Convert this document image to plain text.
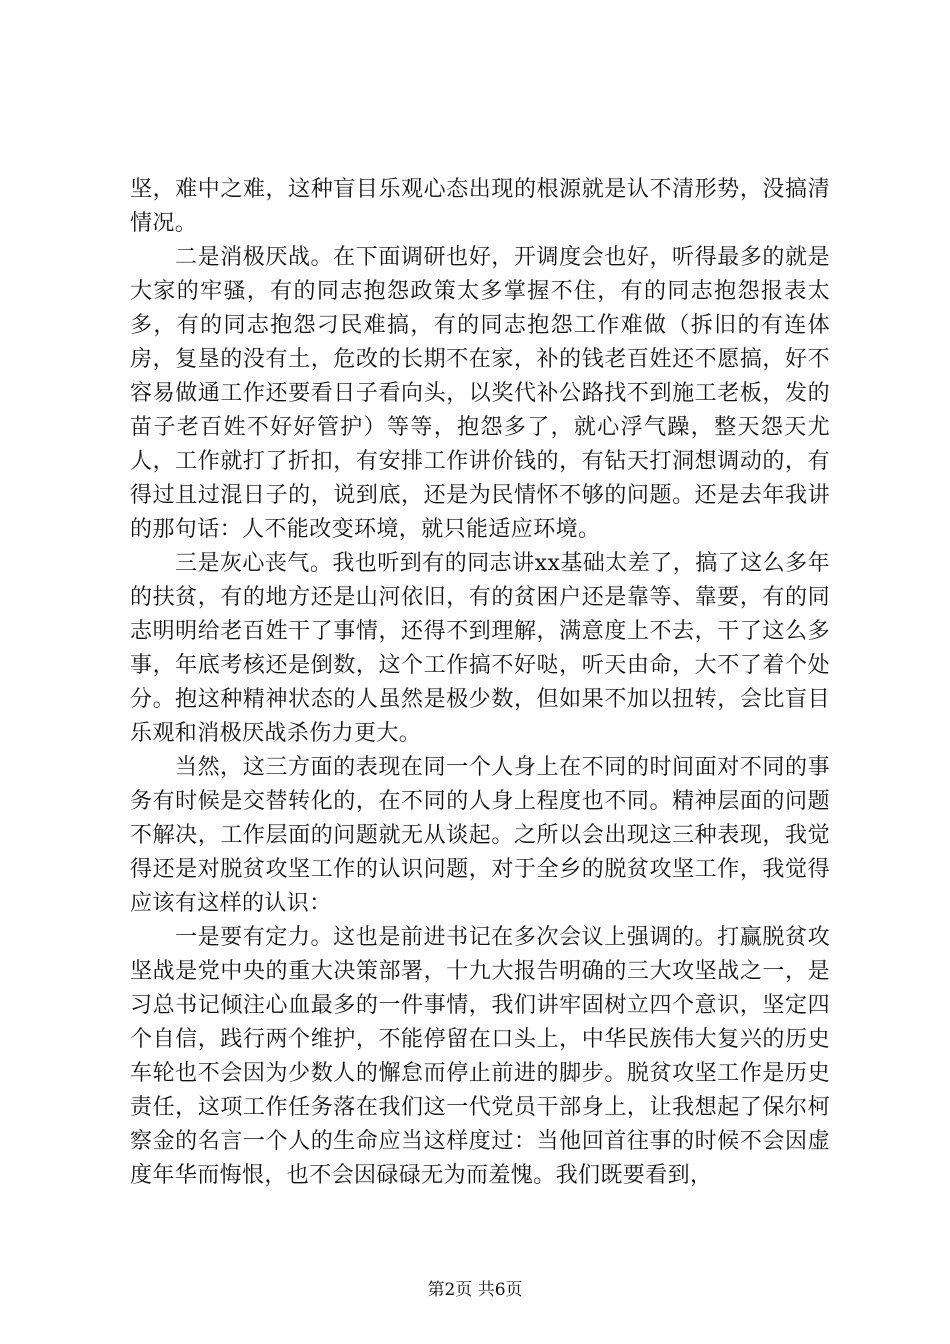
坚，难中之难，这种盲目乐观心态出现的根源就是认不清形势，没搞清情况。

二是消极厌战。在下面调研也好，开调度会也好，听得最多的就是大家的牢骚，有的同志抱怨政策太多掌握不住，有的同志抱怨报表太多，有的同志抱怨刁民难搞，有的同志抱怨工作难做（拆旧的有连体房，复垦的没有土，危改的长期不在家，补的钱老百姓还不愿搞，好不容易做通工作还要看日子看向头，以奖代补公路找不到施工老板，发的苗子老百姓不好好管护）等等，抱怨多了，就心浮气躁，整天怨天尤人，工作就打了折扣，有安排工作讲价钱的，有钻天打洞想调动的，有得过且过混日子的，说到底，还是为民情怀不够的问题。还是去年我讲的那句话：人不能改变环境，就只能适应环境。

三是灰心丧气。我也听到有的同志讲xx基础太差了，搞了这么多年的扶贫，有的地方还是山河依旧，有的贫困户还是靠等、靠要，有的同志明明给老百姓干了事情，还得不到理解，满意度上不去，干了这么多事，年底考核还是倒数，这个工作搞不好哒，听天由命，大不了着个处分。抱这种精神状态的人虽然是极少数，但如果不加以扭转，会比盲目乐观和消极厌战杀伤力更大。

当然，这三方面的表现在同一个人身上在不同的时间面对不同的事务有时候是交替转化的，在不同的人身上程度也不同。精神层面的问题不解决，工作层面的问题就无从谈起。之所以会出现这三种表现，我觉得还是对脱贫攻坚工作的认识问题，对于全乡的脱贫攻坚工作，我觉得应该有这样的认识：

一是要有定力。这也是前进书记在多次会议上强调的。打赢脱贫攻坚战是党中央的重大决策部署，十九大报告明确的三大攻坚战之一，是习总书记倾注心血最多的一件事情，我们讲牢固树立四个意识，坚定四个自信，践行两个维护，不能停留在口头上，中华民族伟大复兴的历史车轮也不会因为少数人的懈怠而停止前进的脚步。脱贫攻坚工作是历史责任，这项工作任务落在我们这一代党员干部身上，让我想起了保尔柯察金的名言一个人的生命应当这样度过：当他回首往事的时候不会因虚度年华而悔恨，也不会因碌碌无为而羞愧。我们既要看到，

第2页 共6页
